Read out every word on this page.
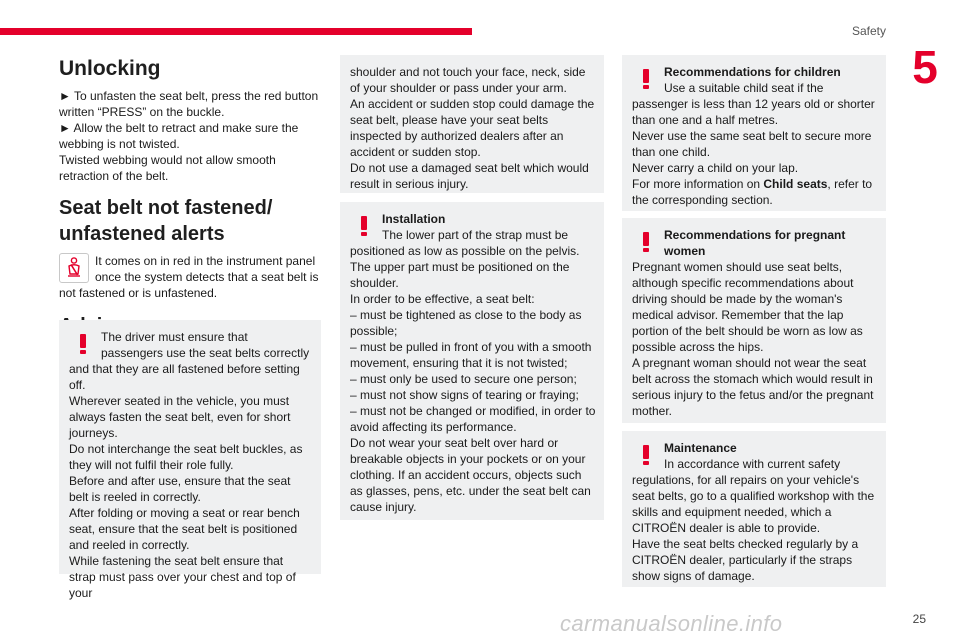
Safety
5
Unlocking

► To unfasten the seat belt, press the red button written “PRESS” on the buckle.

► Allow the belt to retract and make sure the webbing is not twisted.

Twisted webbing would not allow smooth retraction of the belt.

Seat belt not fastened/ unfastened alerts

It comes on in red in the instrument panel once the system detects that a seat belt is not fastened or is unfastened.

The driver must ensure that passengers use the seat belts correctly and that they are all fastened before setting off.

Wherever seated in the vehicle, you must always fasten the seat belt, even for short journeys.

Do not interchange the seat belt buckles, as they will not fulfil their role fully.

Before and after use, ensure that the seat belt is reeled in correctly.

After folding or moving a seat or rear bench seat, ensure that the seat belt is positioned and reeled in correctly.

While fastening the seat belt ensure that strap must pass over your chest and top of your

shoulder and not touch your face, neck, side of your shoulder or pass under your arm.

An accident or sudden stop could damage the seat belt, please have your seat belts inspected by authorized dealers after an accident or sudden stop.

Do not use a damaged seat belt which would result in serious injury.

Installation

The lower part of the strap must be positioned as low as possible on the pelvis.

The upper part must be positioned on the shoulder.

In order to be effective, a seat belt:

– must be tightened as close to the body as possible;

– must be pulled in front of you with a smooth movement, ensuring that it is not twisted;

– must only be used to secure one person;

– must not show signs of tearing or fraying;

– must not be changed or modified, in order to avoid affecting its performance.

Do not wear your seat belt over hard or breakable objects in your pockets or on your clothing. If an accident occurs, objects such as glasses, pens, etc. under the seat belt can cause injury.

Recommendations for children

Use a suitable child seat if the passenger is less than 12 years old or shorter than one and a half metres.

Never use the same seat belt to secure more than one child.

Never carry a child on your lap.

For more information on Child seats, refer to the corresponding section.

Recommendations for pregnant women

Pregnant women should use seat belts, although specific recommendations about driving should be made by the woman's medical advisor. Remember that the lap portion of the belt should be worn as low as possible across the hips.

A pregnant woman should not wear the seat belt across the stomach which would result in serious injury to the fetus and/or the pregnant mother.

Maintenance

In accordance with current safety regulations, for all repairs on your vehicle's seat belts, go to a qualified workshop with the skills and equipment needed, which a CITROËN dealer is able to provide.

Have the seat belts checked regularly by a CITROËN dealer, particularly if the straps show signs of damage.

carmanualsonline.info	25
